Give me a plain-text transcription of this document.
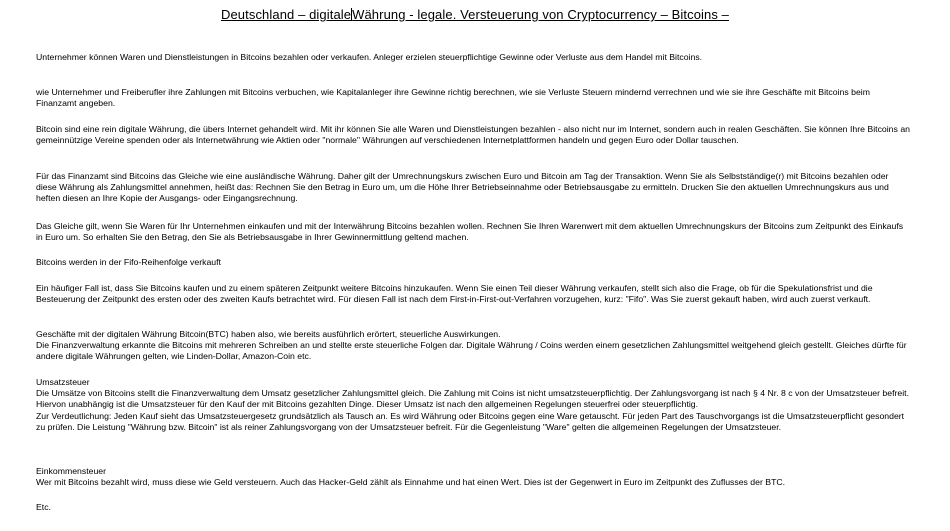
Deutschland – digitaleWährung - legale. Versteuerung von Cryptocurrency – Bitcoins –

Unternehmer können Waren und Dienstleistungen in Bitcoins bezahlen oder verkaufen. Anleger erzielen steuerpflichtige Gewinne oder Verluste aus dem Handel mit Bitcoins.

wie Unternehmer und Freiberufler ihre Zahlungen mit Bitcoins verbuchen, wie Kapitalanleger ihre Gewinne richtig berechnen, wie sie Verluste Steuern mindernd verrechnen und wie sie ihre Geschäfte mit Bitcoins beim Finanzamt angeben.

Bitcoin sind eine rein digitale Währung, die übers Internet gehandelt wird. Mit ihr können Sie alle Waren und Dienstleistungen bezahlen - also nicht nur im Internet, sondern auch in realen Geschäften. Sie können Ihre Bitcoins an gemeinnützige Vereine spenden oder als Internetwährung wie Aktien oder "normale" Währungen auf verschiedenen Internetplattformen handeln und gegen Euro oder Dollar tauschen.

Für das Finanzamt sind Bitcoins das Gleiche wie eine ausländische Währung. Daher gilt der Umrechnungskurs zwischen Euro und Bitcoin am Tag der Transaktion. Wenn Sie als Selbstständige(r) mit Bitcoins bezahlen oder diese Währung als Zahlungsmittel annehmen, heißt das: Rechnen Sie den Betrag in Euro um, um die Höhe Ihrer Betriebseinnahme oder Betriebsausgabe zu ermitteln. Drucken Sie den aktuellen Umrechnungskurs aus und heften diesen an Ihre Kopie der Ausgangs- oder Eingangsrechnung.

Das Gleiche gilt, wenn Sie Waren für Ihr Unternehmen einkaufen und mit der Interwährung Bitcoins bezahlen wollen. Rechnen Sie Ihren Warenwert mit dem aktuellen Umrechnungskurs der Bitcoins zum Zeitpunkt des Einkaufs in Euro um. So erhalten Sie den Betrag, den Sie als Betriebsausgabe in Ihrer Gewinnermittlung geltend machen.

Bitcoins werden in der Fifo-Reihenfolge verkauft

Ein häufiger Fall ist, dass Sie Bitcoins kaufen und zu einem späteren Zeitpunkt weitere Bitcoins hinzukaufen. Wenn Sie einen Teil dieser Währung verkaufen, stellt sich also die Frage, ob für die Spekulationsfrist und die Besteuerung der Zeitpunkt des ersten oder des zweiten Kaufs betrachtet wird. Für diesen Fall ist nach dem First-in-First-out-Verfahren vorzugehen, kurz: "Fifo". Was Sie zuerst gekauft haben, wird auch zuerst verkauft.

Geschäfte mit der digitalen Währung Bitcoin(BTC) haben also, wie bereits ausführlich erörtert, steuerliche Auswirkungen.
Die Finanzverwaltung erkannte die Bitcoins mit mehreren Schreiben an und stellte erste steuerliche Folgen dar. Digitale Währung / Coins werden einem gesetzlichen Zahlungsmittel weitgehend gleich gestellt. Gleiches dürfte für andere digitale Währungen gelten, wie Linden-Dollar, Amazon-Coin etc.

Umsatzsteuer
Die Umsätze von Bitcoins stellt die Finanzverwaltung dem Umsatz gesetzlicher Zahlungsmittel gleich. Die Zahlung mit Coins ist nicht umsatzsteuerpflichtig. Der Zahlungsvorgang ist nach § 4 Nr. 8 c von der Umsatzsteuer befreit. Hiervon unabhängig ist die Umsatzsteuer für den Kauf der mit Bitcoins gezahlten Dinge. Dieser Umsatz ist nach den allgemeinen Regelungen steuerfrei oder steuerpflichtig.
Zur Verdeutlichung: Jeden Kauf sieht das Umsatzsteuergesetz grundsätzlich als Tausch an. Es wird Währung oder Bitcoins gegen eine Ware getauscht. Für jeden Part des Tauschvorgangs ist die Umsatzsteuerpflicht gesondert zu prüfen. Die Leistung "Währung bzw. Bitcoin" ist als reiner Zahlungsvorgang von der Umsatzsteuer befreit. Für die Gegenleistung "Ware" gelten die allgemeinen Regelungen der Umsatzsteuer.

Einkommensteuer
Wer mit Bitcoins bezahlt wird, muss diese wie Geld versteuern. Auch das Hacker-Geld zählt als Einnahme und hat einen Wert. Dies ist der Gegenwert in Euro im Zeitpunkt des Zuflusses der BTC.

Etc.
